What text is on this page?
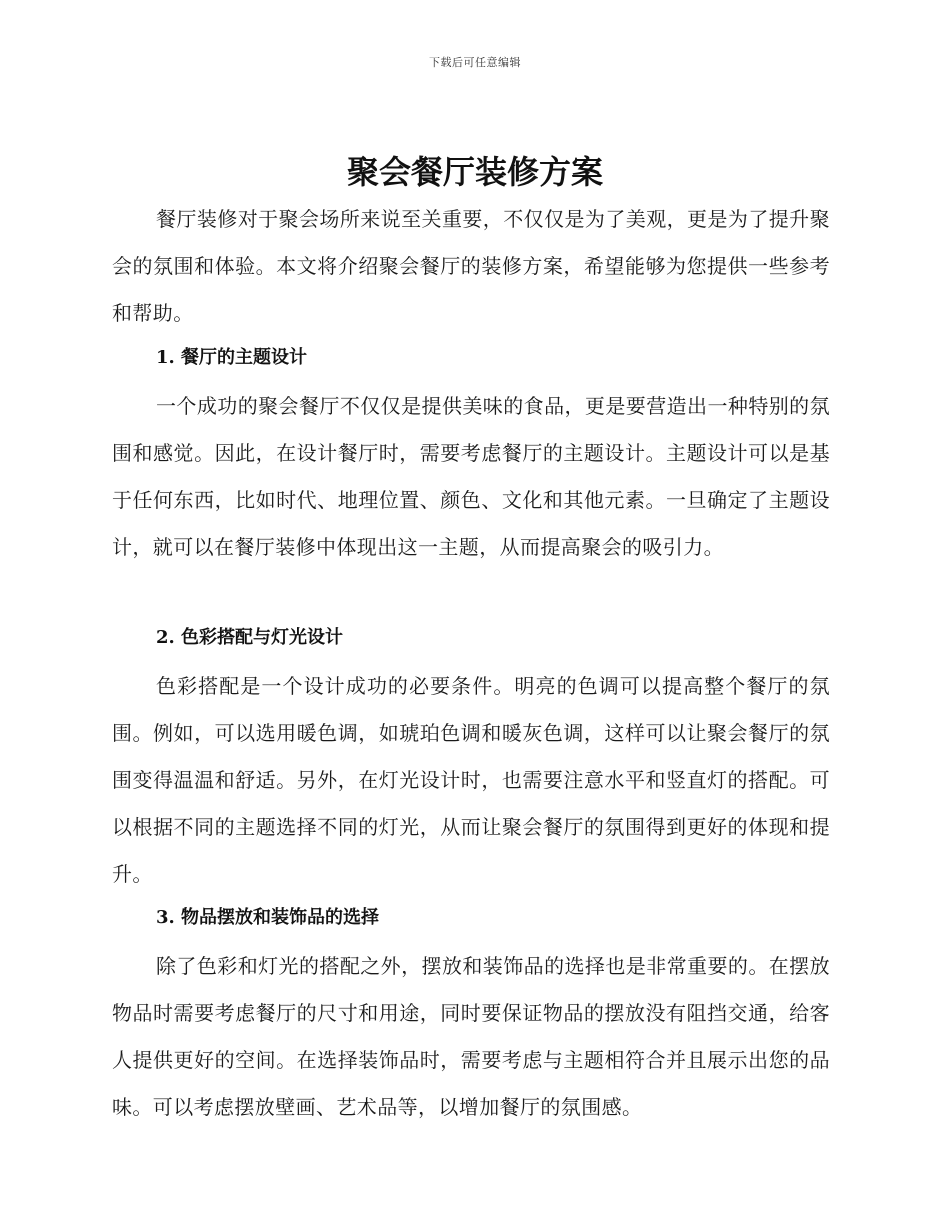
下载后可任意编辑
聚会餐厅装修方案

餐厅装修对于聚会场所来说至关重要，不仅仅是为了美观，更是为了提升聚会的氛围和体验。本文将介绍聚会餐厅的装修方案，希望能够为您提供一些参考和帮助。

1. 餐厅的主题设计

一个成功的聚会餐厅不仅仅是提供美味的食品，更是要营造出一种特别的氛围和感觉。因此，在设计餐厅时，需要考虑餐厅的主题设计。主题设计可以是基于任何东西，比如时代、地理位置、颜色、文化和其他元素。一旦确定了主题设计，就可以在餐厅装修中体现出这一主题，从而提高聚会的吸引力。

2. 色彩搭配与灯光设计

色彩搭配是一个设计成功的必要条件。明亮的色调可以提高整个餐厅的氛围。例如，可以选用暖色调，如琥珀色调和暖灰色调，这样可以让聚会餐厅的氛围变得温温和舒适。另外，在灯光设计时，也需要注意水平和竖直灯的搭配。可以根据不同的主题选择不同的灯光，从而让聚会餐厅的氛围得到更好的体现和提升。

3. 物品摆放和装饰品的选择

除了色彩和灯光的搭配之外，摆放和装饰品的选择也是非常重要的。在摆放物品时需要考虑餐厅的尺寸和用途，同时要保证物品的摆放没有阻挡交通，给客人提供更好的空间。在选择装饰品时，需要考虑与主题相符合并且展示出您的品味。可以考虑摆放壁画、艺术品等，以增加餐厅的氛围感。
